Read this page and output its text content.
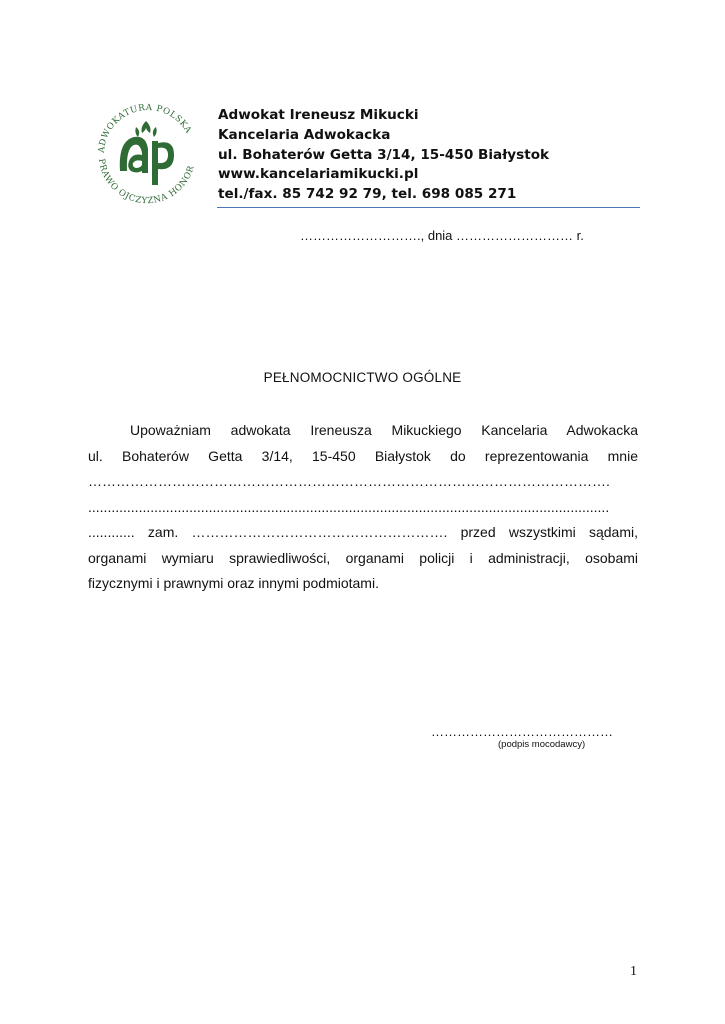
ADWOKATURA POLSKA
PRAWO OJCZYZNA HONOR
Adwokat Ireneusz Mikucki
Kancelaria Adwokacka
ul. Bohaterów Getta 3/14, 15-450 Białystok
www.kancelariamikucki.pl
tel./fax. 85 742 92 79, tel. 698 085 271
………………………., dnia ……………………… r.
PEŁNOMOCNICTWO OGÓLNE
Upoważniam adwokata Ireneusza Mikuckiego Kancelaria Adwokacka
ul. Bohaterów Getta 3/14, 15-450 Białystok do reprezentowania mnie
………………………………………………………………………………………………….
......................................................................................................................................
............ zam. ………………………………………………. przed wszystkimi sądami,
organami wymiaru sprawiedliwości, organami policji i administracji, osobami
fizycznymi i prawnymi oraz innymi podmiotami.
……………………………………
(podpis mocodawcy)
1
